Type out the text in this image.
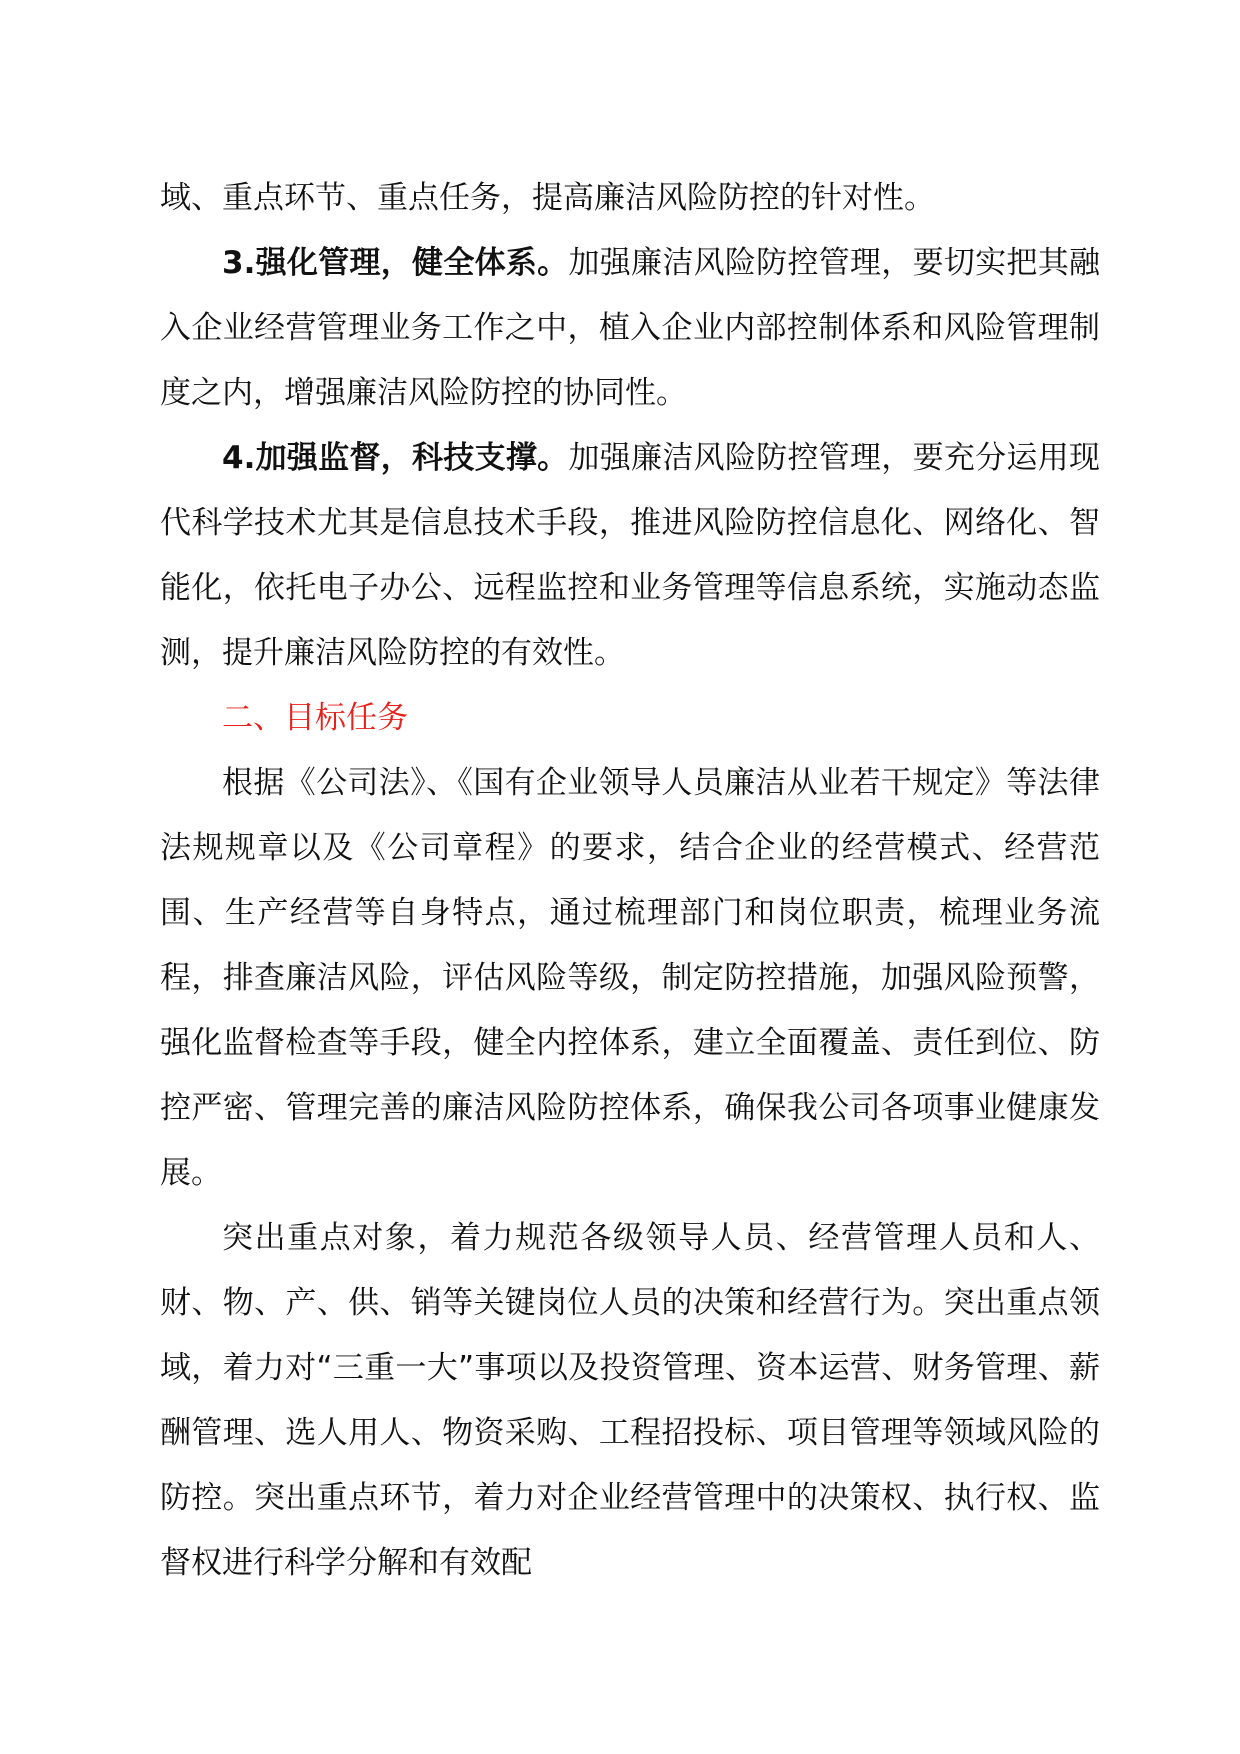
域、重点环节、重点任务，提高廉洁风险防控的针对性。

3.强化管理，健全体系。加强廉洁风险防控管理，要切实把其融入企业经营管理业务工作之中，植入企业内部控制体系和风险管理制度之内，增强廉洁风险防控的协同性。

4.加强监督，科技支撑。加强廉洁风险防控管理，要充分运用现代科学技术尤其是信息技术手段，推进风险防控信息化、网络化、智能化，依托电子办公、远程监控和业务管理等信息系统，实施动态监测，提升廉洁风险防控的有效性。

二、目标任务

根据《公司法》、《国有企业领导人员廉洁从业若干规定》等法律法规规章以及《公司章程》的要求，结合企业的经营模式、经营范围、生产经营等自身特点，通过梳理部门和岗位职责，梳理业务流程，排查廉洁风险，评估风险等级，制定防控措施，加强风险预警，强化监督检查等手段，健全内控体系，建立全面覆盖、责任到位、防控严密、管理完善的廉洁风险防控体系，确保我公司各项事业健康发展。

突出重点对象，着力规范各级领导人员、经营管理人员和人、财、物、产、供、销等关键岗位人员的决策和经营行为。突出重点领域，着力对“三重一大”事项以及投资管理、资本运营、财务管理、薪酬管理、选人用人、物资采购、工程招投标、项目管理等领域风险的防控。突出重点环节，着力对企业经营管理中的决策权、执行权、监督权进行科学分解和有效配
